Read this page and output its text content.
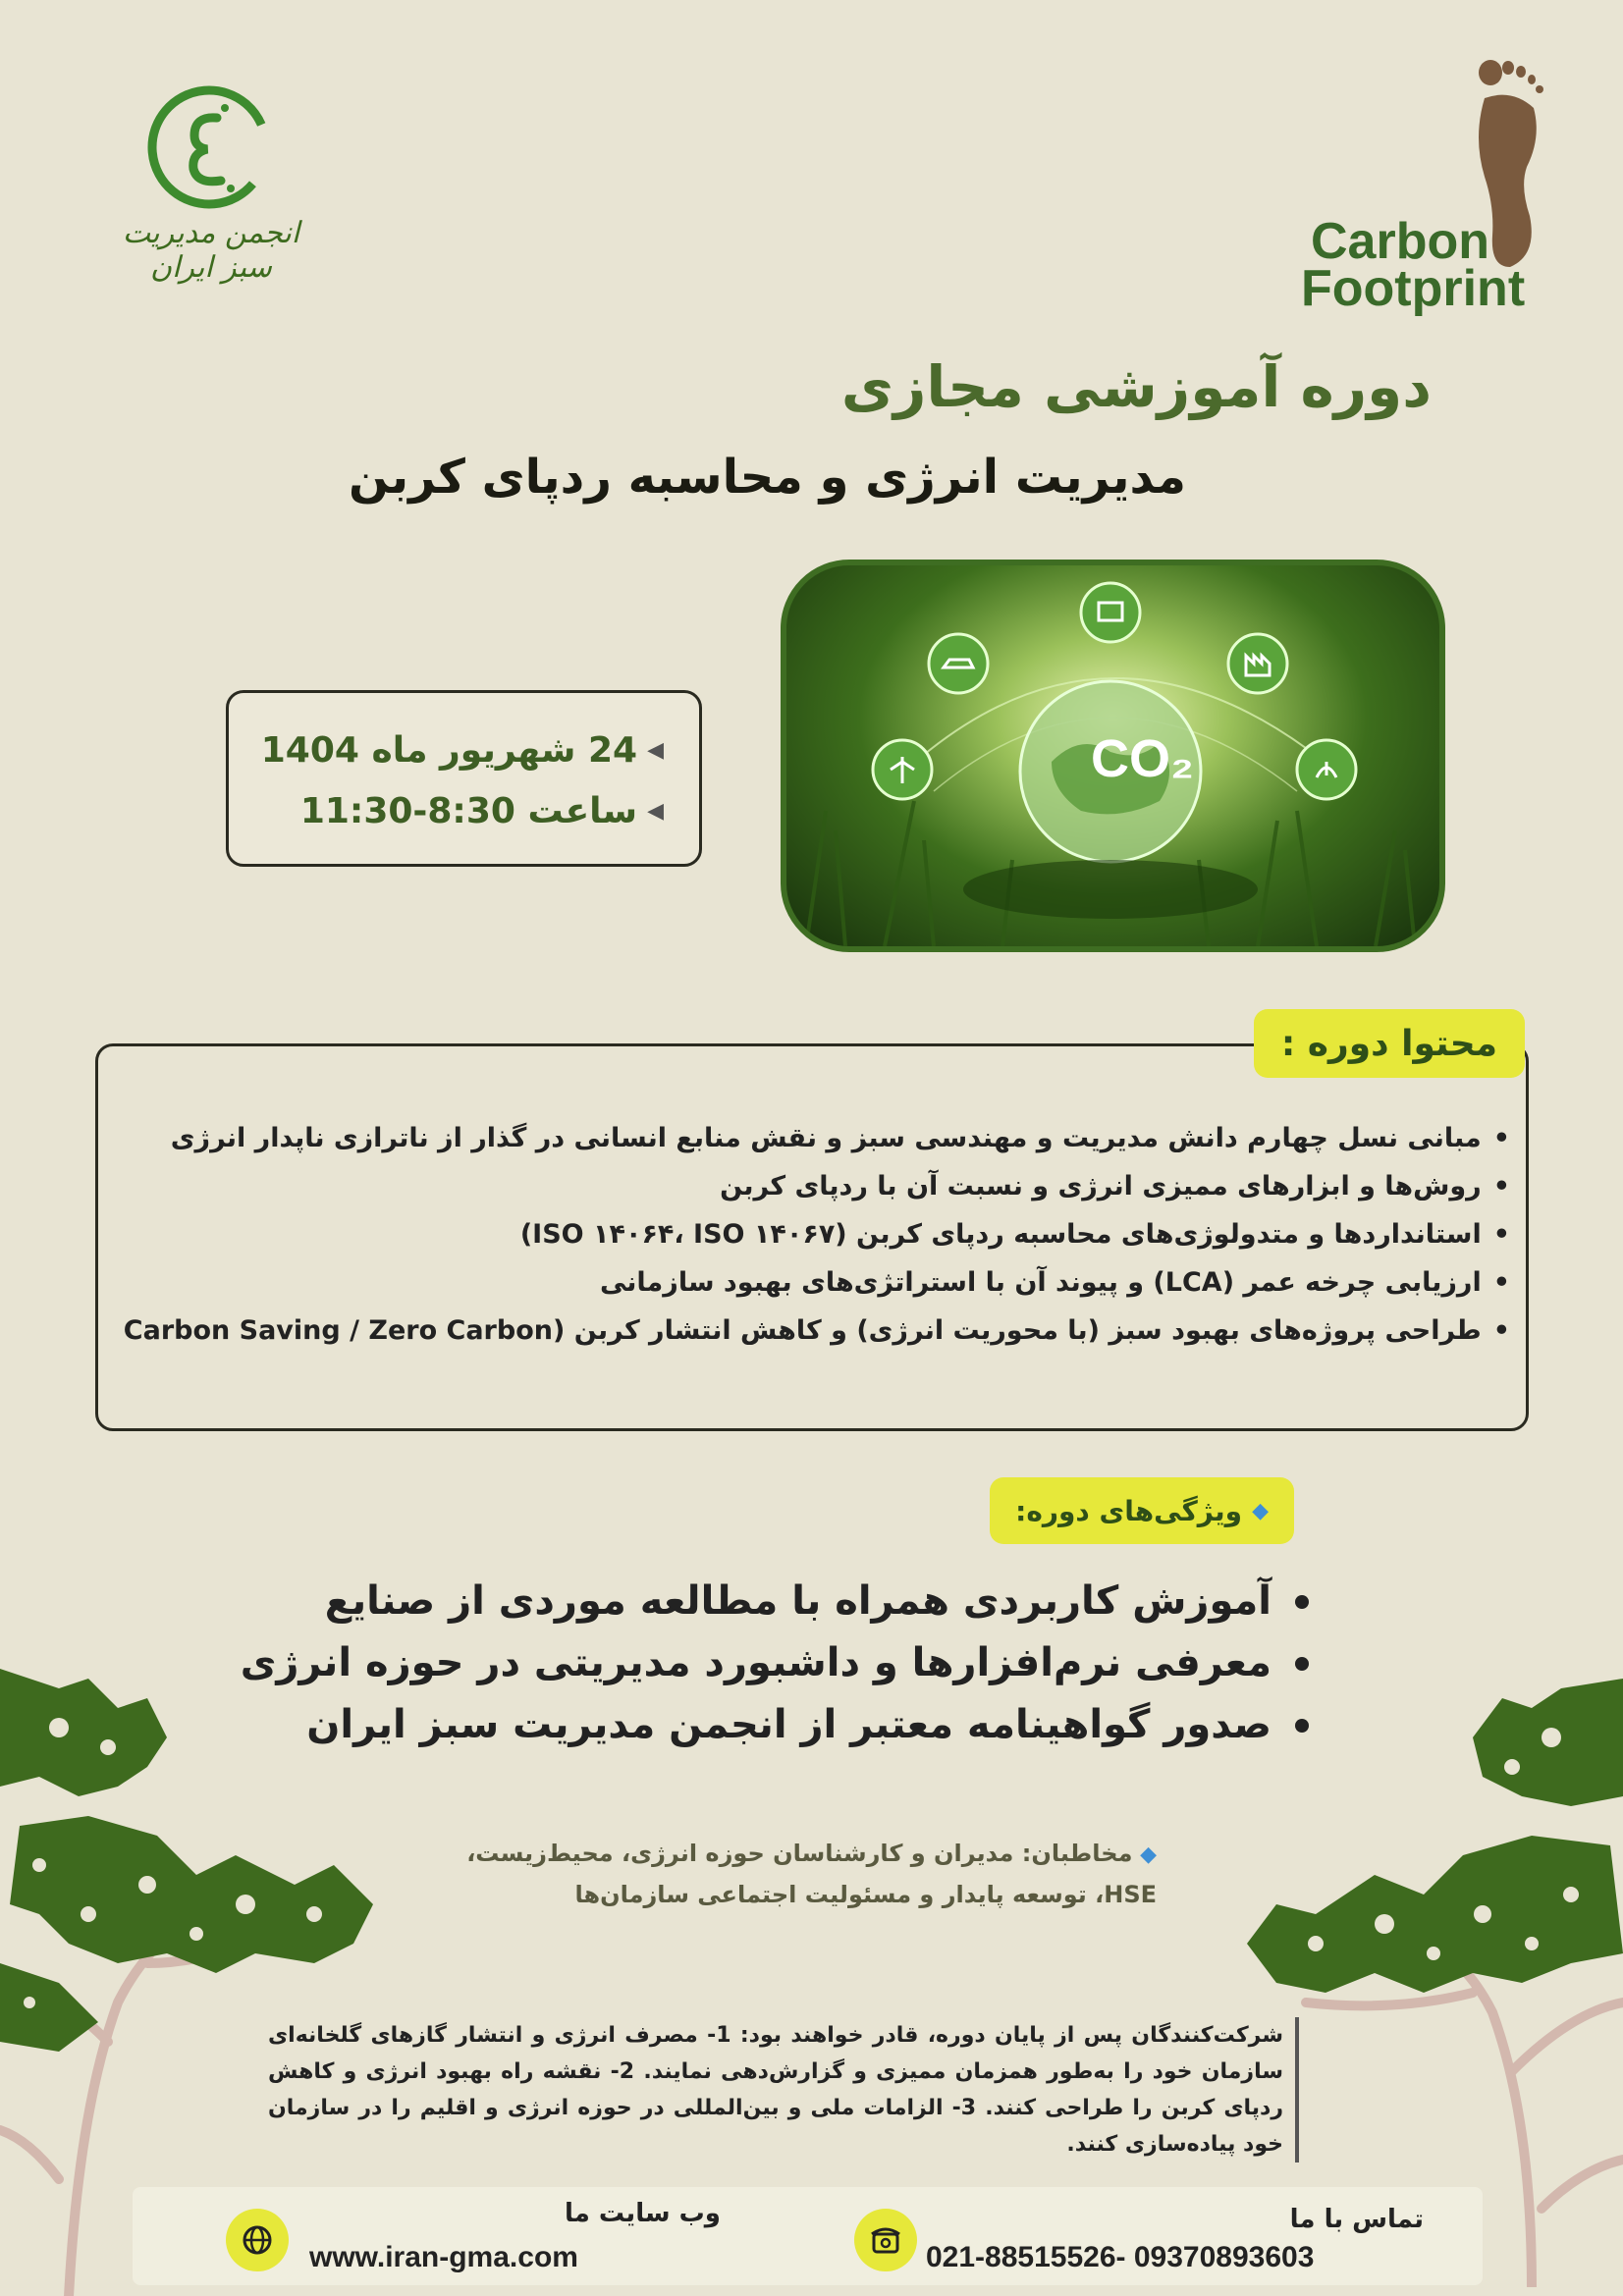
انجمن مدیریت سبز ایران	Carbon
Footprint
دوره آموزشی مجازی
مدیریت انرژی و محاسبه ردپای کربن
◀
24 شهریور ماه 1404
◀
ساعت 8:30-11:30
CO₂
محتوا دوره :
•مبانی نسل چهارم دانش مدیریت و مهندسی سبز و نقش منابع انسانی در گذار از ناترازی ناپدار انرژی
•روش‌ها و ابزارهای ممیزی انرژی و نسبت آن با ردپای کربن
•استانداردها و متدولوژی‌های محاسبه ردپای کربن (ISO ۱۴۰۶۴، ISO ۱۴۰۶۷)
•ارزیابی چرخه عمر (LCA) و پیوند آن با استراتژی‌های بهبود سازمانی
•طراحی پروژه‌های بهبود سبز (با محوریت انرژی) و کاهش انتشار کربن (Carbon Saving / Zero Carbon
◆
ویژگی‌های دوره:
آموزش کاربردی همراه با مطالعه موردی از صنایع
معرفی نرم‌افزارها و داشبورد مدیریتی در حوزه انرژی
صدور گواهینامه معتبر از انجمن مدیریت سبز ایران
◆ مخاطبان: مدیران و کارشناسان حوزه انرژی، محیط‌زیست،
HSE، توسعه پایدار و مسئولیت اجتماعی سازمان‌ها
شرکت‌کنندگان پس از پایان دوره، قادر خواهند بود: 1- مصرف انرژی و انتشار گازهای گلخانه‌ای سازمان خود را به‌طور همزمان ممیزی و گزارش‌دهی نمایند. 2- نقشه راه بهبود انرژی و کاهش ردپای کربن را طراحی کنند. 3- الزامات ملی و بین‌المللی در حوزه انرژی و اقلیم را در سازمان خود پیاده‌سازی کنند.
تماس با ما
021-88515526- 09370893603
وب سایت ما
www.iran-gma.com
